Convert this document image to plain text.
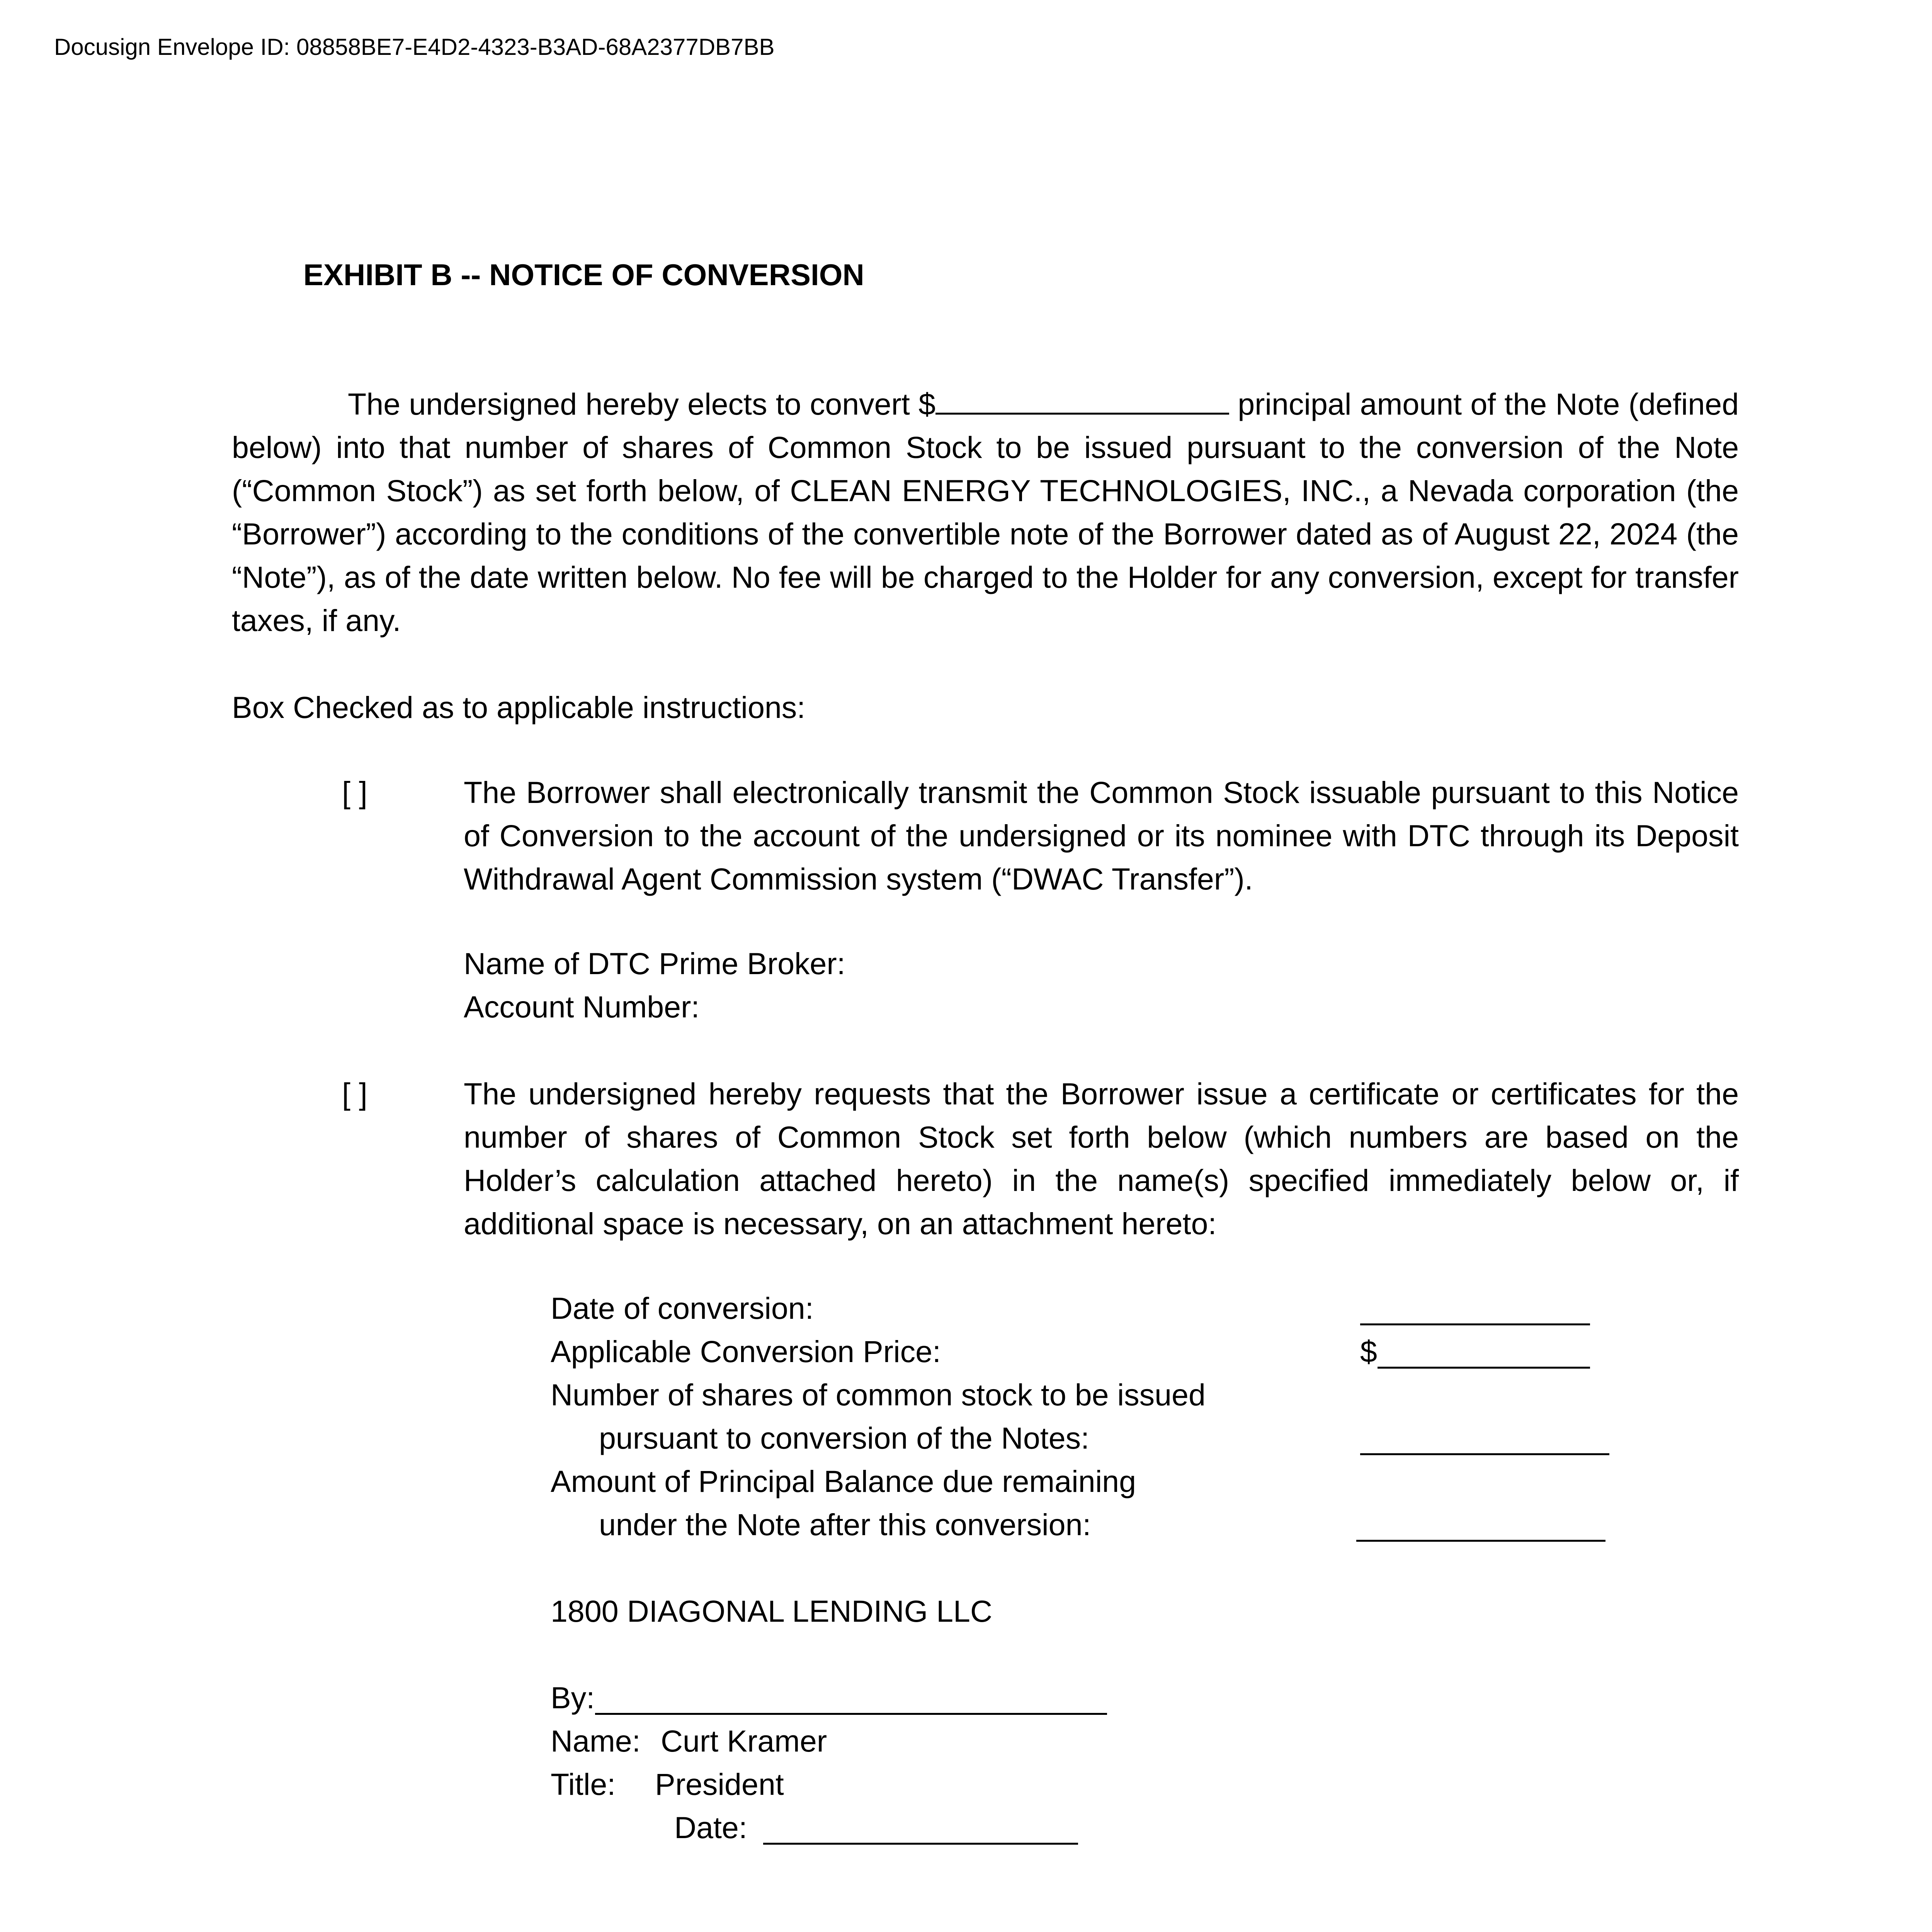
Docusign Envelope ID: 08858BE7-E4D2-4323-B3AD-68A2377DB7BB
EXHIBIT B -- NOTICE OF CONVERSION

The undersigned hereby elects to convert $	principal amount of the Note (defined below) into that number of shares of Common Stock to be issued pursuant to the conversion of the Note (“Common Stock”) as set forth below, of CLEAN ENERGY TECHNOLOGIES, INC., a Nevada corporation (the “Borrower”) according to the conditions of the convertible note of the Borrower dated as of August 22, 2024 (the “Note”), as of the date written below. No fee will be charged to the Holder for any conversion, except for transfer taxes, if any.

Box Checked as to applicable instructions:
[ ]	The Borrower shall electronically transmit the Common Stock issuable pursuant to this Notice of Conversion to the account of the undersigned or its nominee with DTC through its Deposit Withdrawal Agent Commission system (“DWAC Transfer”).

Name of DTC Prime Broker:
Account Number:
[ ]	The undersigned hereby requests that the Borrower issue a certificate or certificates for the number of shares of Common Stock set forth below (which numbers are based on the Holder’s calculation attached hereto) in the name(s) specified immediately below or, if additional space is necessary, on an attachment hereto:

Date of conversion:
Applicable Conversion Price:	$
Number of shares of common stock to be issued
pursuant to conversion of the Notes:
Amount of Principal Balance due remaining
under the Note after this conversion:
1800 DIAGONAL LENDING LLC
By:
Name: Curt Kramer
Title: President
Date:
